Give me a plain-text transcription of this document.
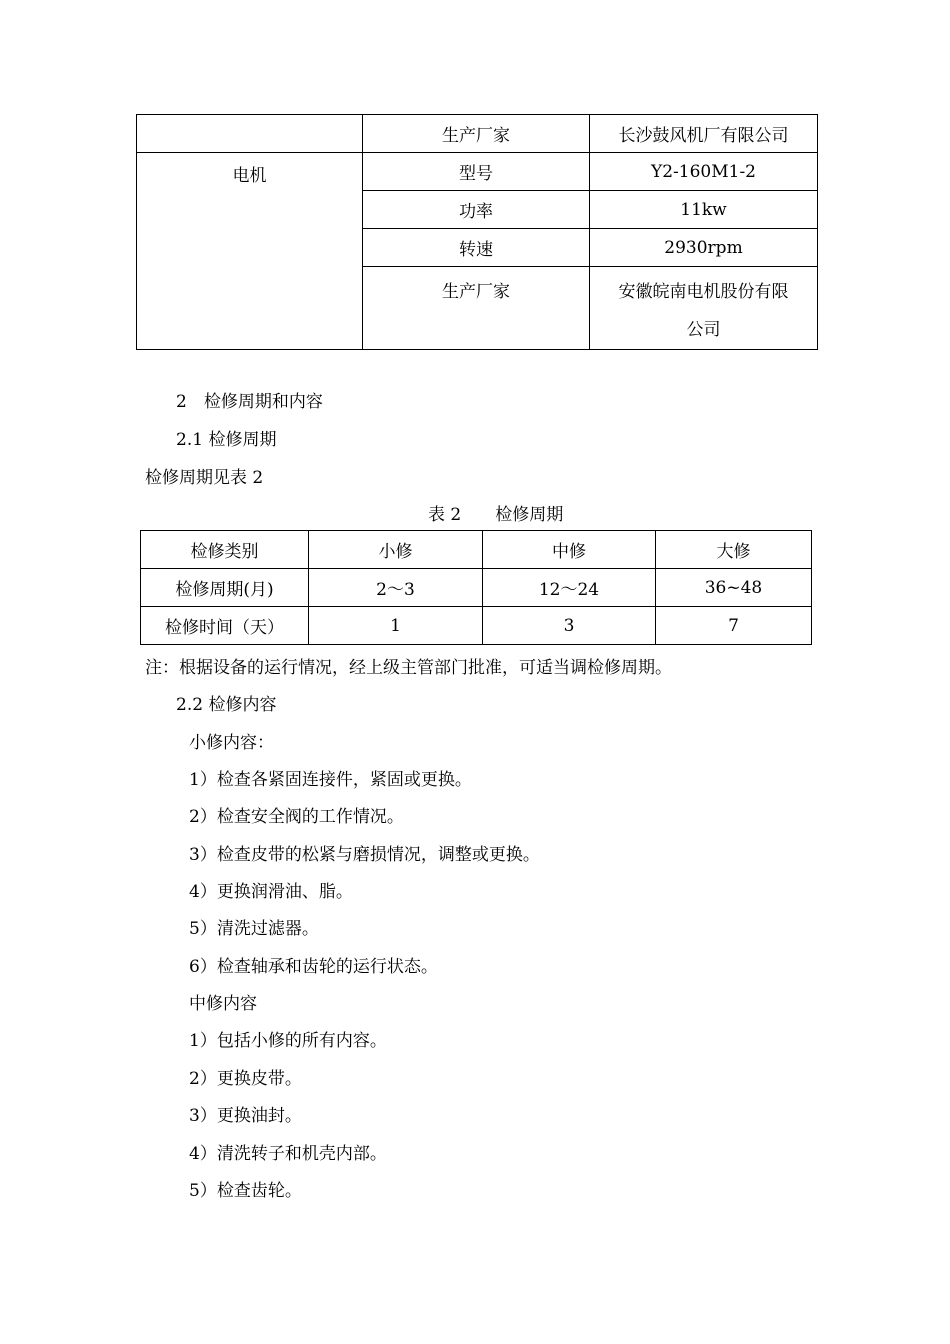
	生产厂家	长沙鼓风机厂有限公司
电机	型号	Y2-160M1-2
	功率	11kw
	转速	2930rpm
	生产厂家	安徽皖南电机股份有限
公司
2　检修周期和内容
2.1 检修周期
检修周期见表 2
表 2　　检修周期
检修类别	小修	中修	大修
检修周期(月)	2～3	12～24	36~48
检修时间（天）	1	3	7
注：根据设备的运行情况，经上级主管部门批准，可适当调检修周期。
2.2 检修内容
小修内容：
1）检查各紧固连接件，紧固或更换。
2）检查安全阀的工作情况。
3）检查皮带的松紧与磨损情况，调整或更换。
4）更换润滑油、脂。
5）清洗过滤器。
6）检查轴承和齿轮的运行状态。
中修内容
1）包括小修的所有内容。
2）更换皮带。
3）更换油封。
4）清洗转子和机壳内部。
5）检查齿轮。
